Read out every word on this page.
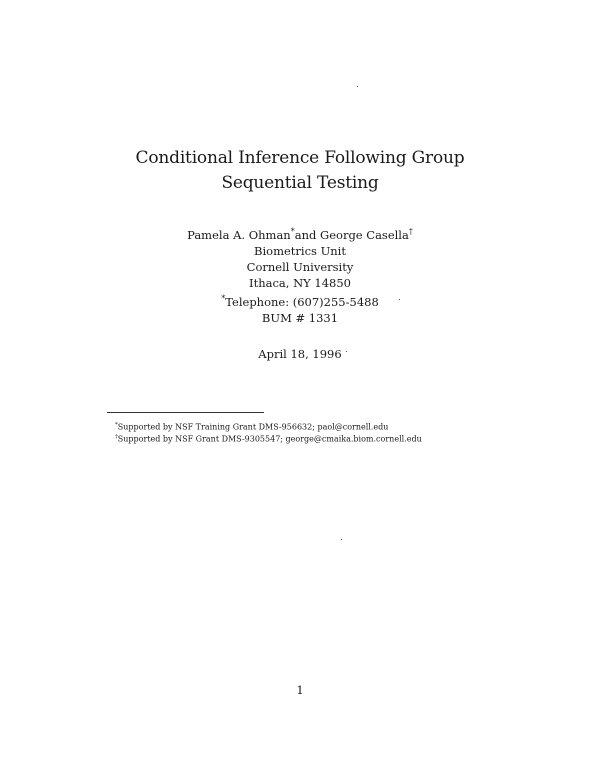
Conditional Inference Following Group
Sequential Testing
Pamela A. Ohman*and George Casella†
Biometrics Unit
Cornell University
Ithaca, NY 14850
*Telephone: (607)255-5488
BUM # 1331
April 18, 1996
*Supported by NSF Training Grant DMS-956632; paol@cornell.edu
†Supported by NSF Grant DMS-9305547; george@cmaika.biom.cornell.edu
1
